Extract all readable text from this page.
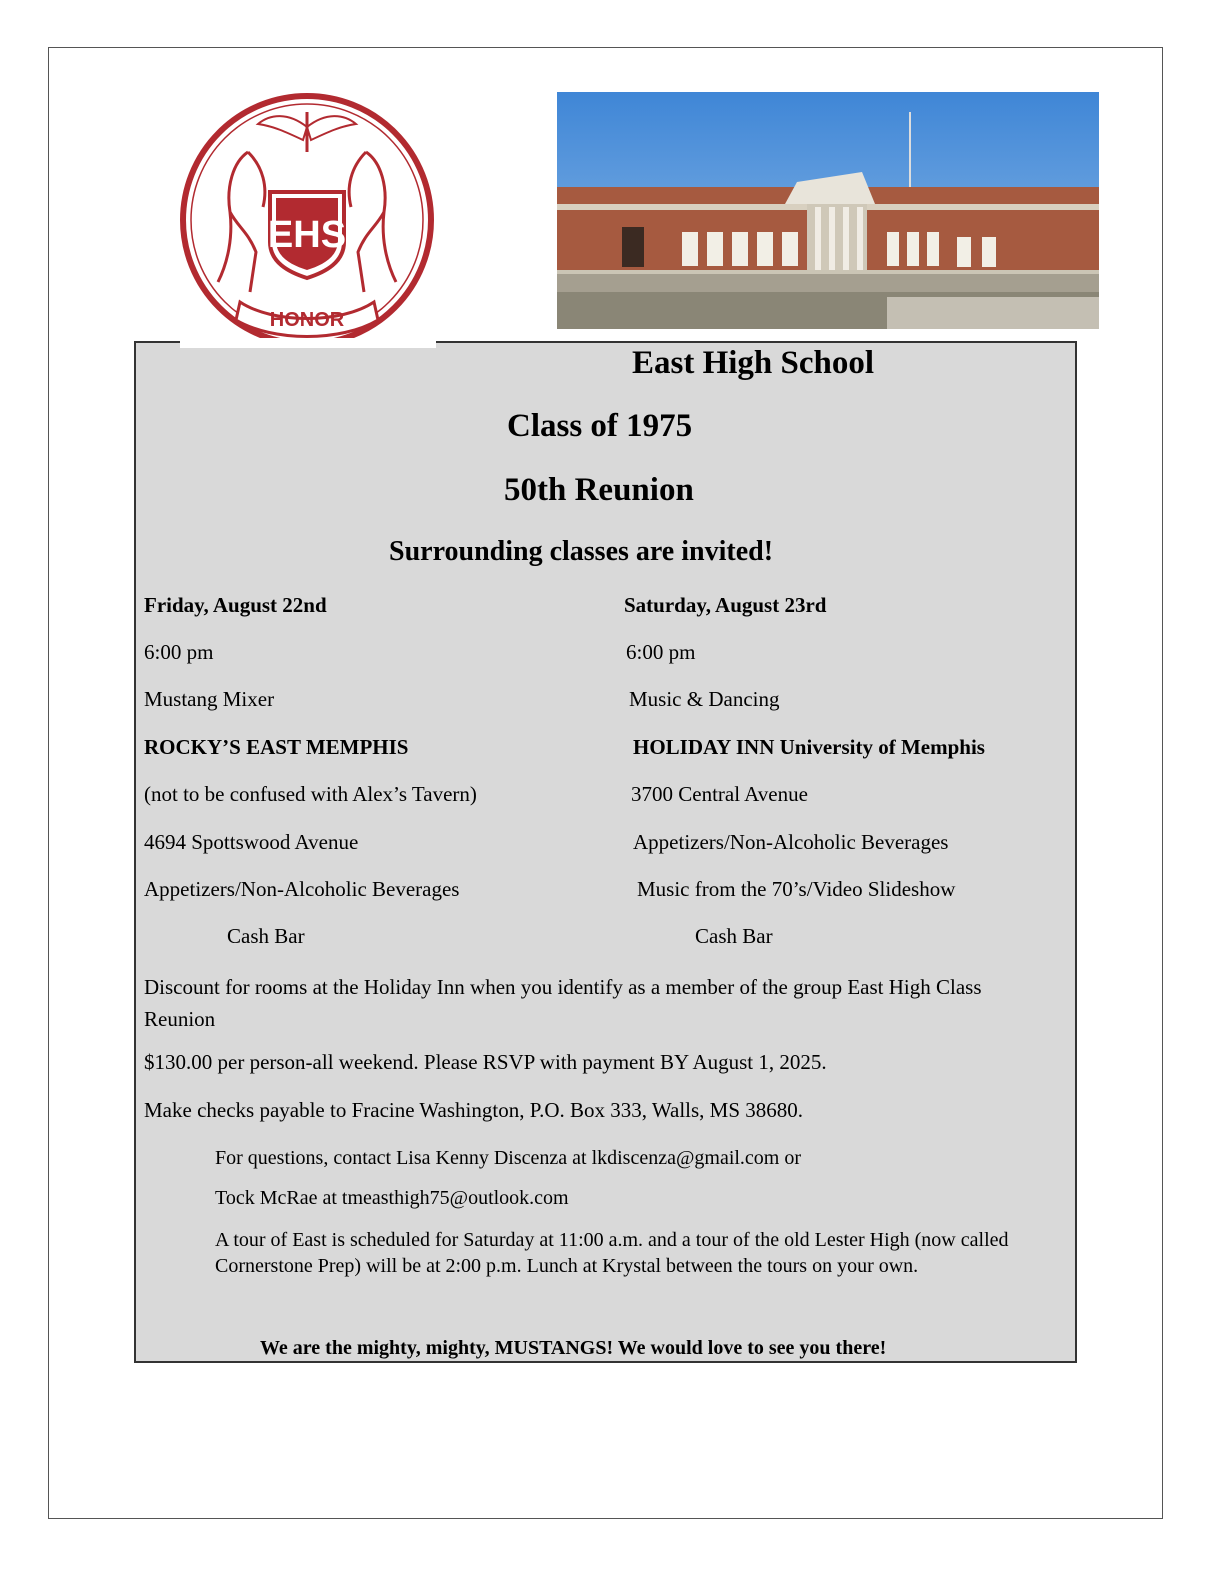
EHS
HONOR
East High School
Class of 1975
50th Reunion
Surrounding classes are invited!
Friday, August 22nd
6:00 pm
Mustang Mixer
ROCKY’S EAST MEMPHIS
(not to be confused with Alex’s Tavern)
4694 Spottswood Avenue
Appetizers/Non-Alcoholic Beverages
Cash Bar
Saturday, August 23rd
6:00 pm
Music & Dancing
HOLIDAY INN University of Memphis
3700 Central Avenue
Appetizers/Non-Alcoholic Beverages
Music from the 70’s/Video Slideshow
Cash Bar
Discount for rooms at the Holiday Inn when you identify as a member of the group East High Class Reunion
$130.00 per person-all weekend. Please RSVP with payment BY August 1, 2025.
Make checks payable to Fracine Washington, P.O. Box 333, Walls, MS 38680.
For questions, contact Lisa Kenny Discenza at lkdiscenza@gmail.com or
Tock McRae at tmeasthigh75@outlook.com
A tour of East is scheduled for Saturday at 11:00 a.m. and a tour of the old Lester High (now called Cornerstone Prep) will be at 2:00 p.m. Lunch at Krystal between the tours on your own.
We are the mighty, mighty, MUSTANGS! We would love to see you there!
